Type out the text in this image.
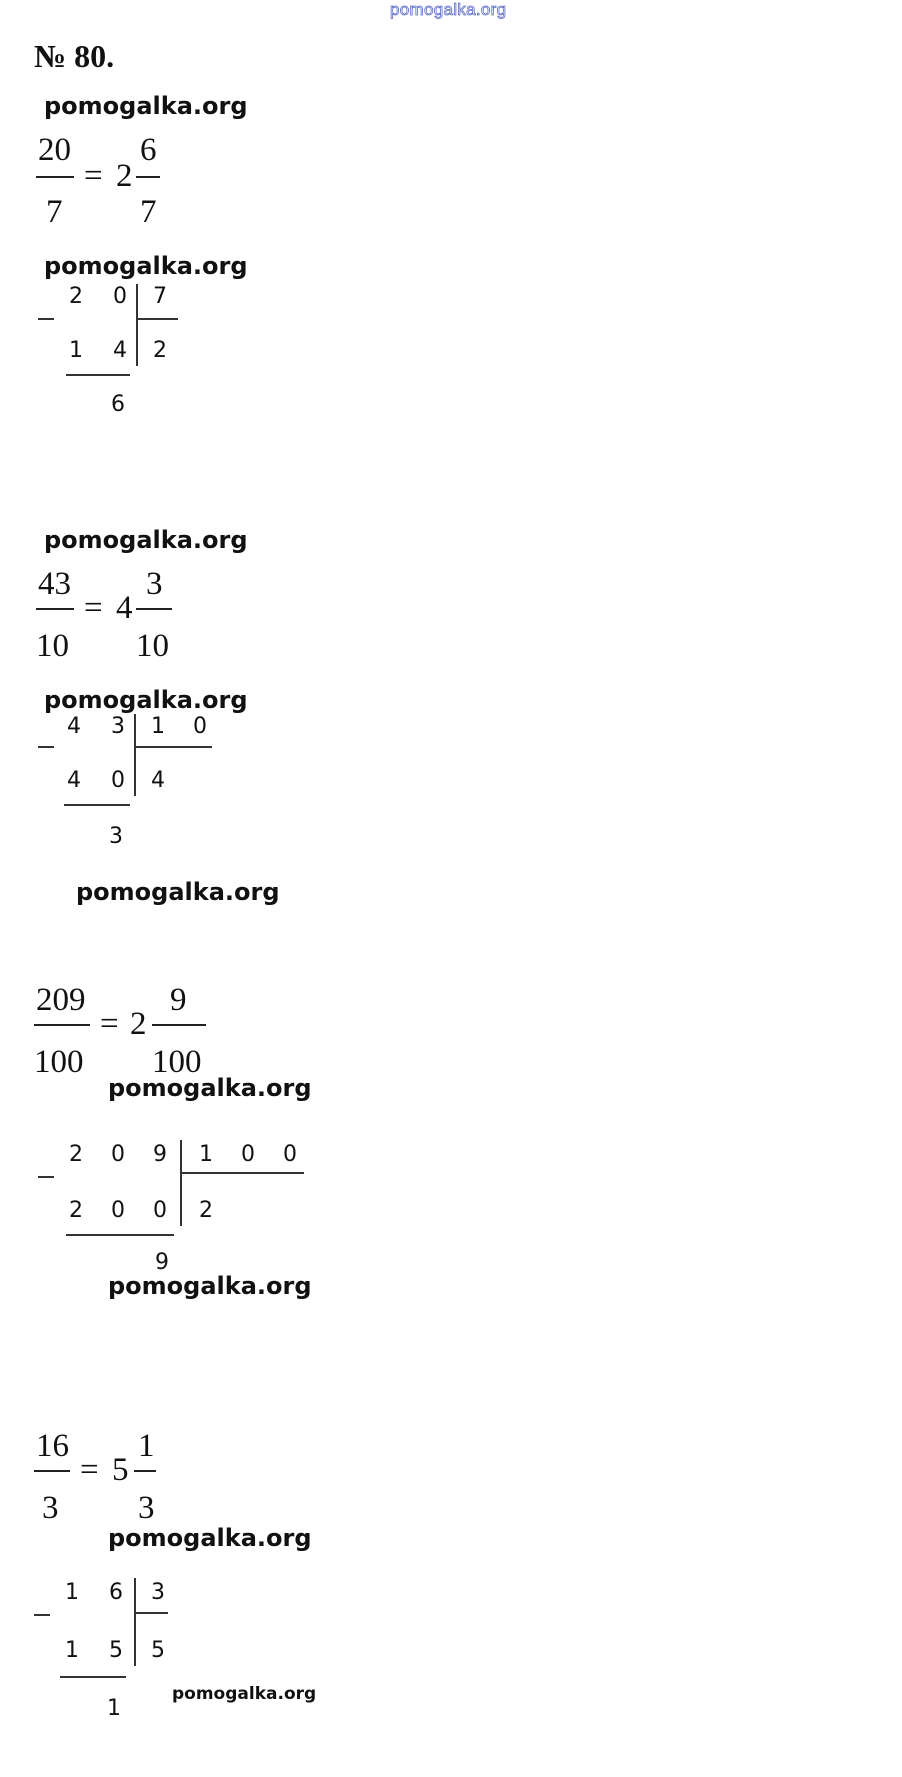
pomogalka.org
№ 80.
pomogalka.org
pomogalka.org
pomogalka.org
pomogalka.org
pomogalka.org
pomogalka.org
pomogalka.org
pomogalka.org
pomogalka.org
20
7
= 2
6
7
2 0 7
1 4 2
6
43
10
= 4
3
10
4 3 1 0
4 0 4
3
209
100
= 2
9
100
2 0 9 1 0 0
2 0 0 2
9
16
3
= 5
1
3
1 6 3
1 5 5
1
